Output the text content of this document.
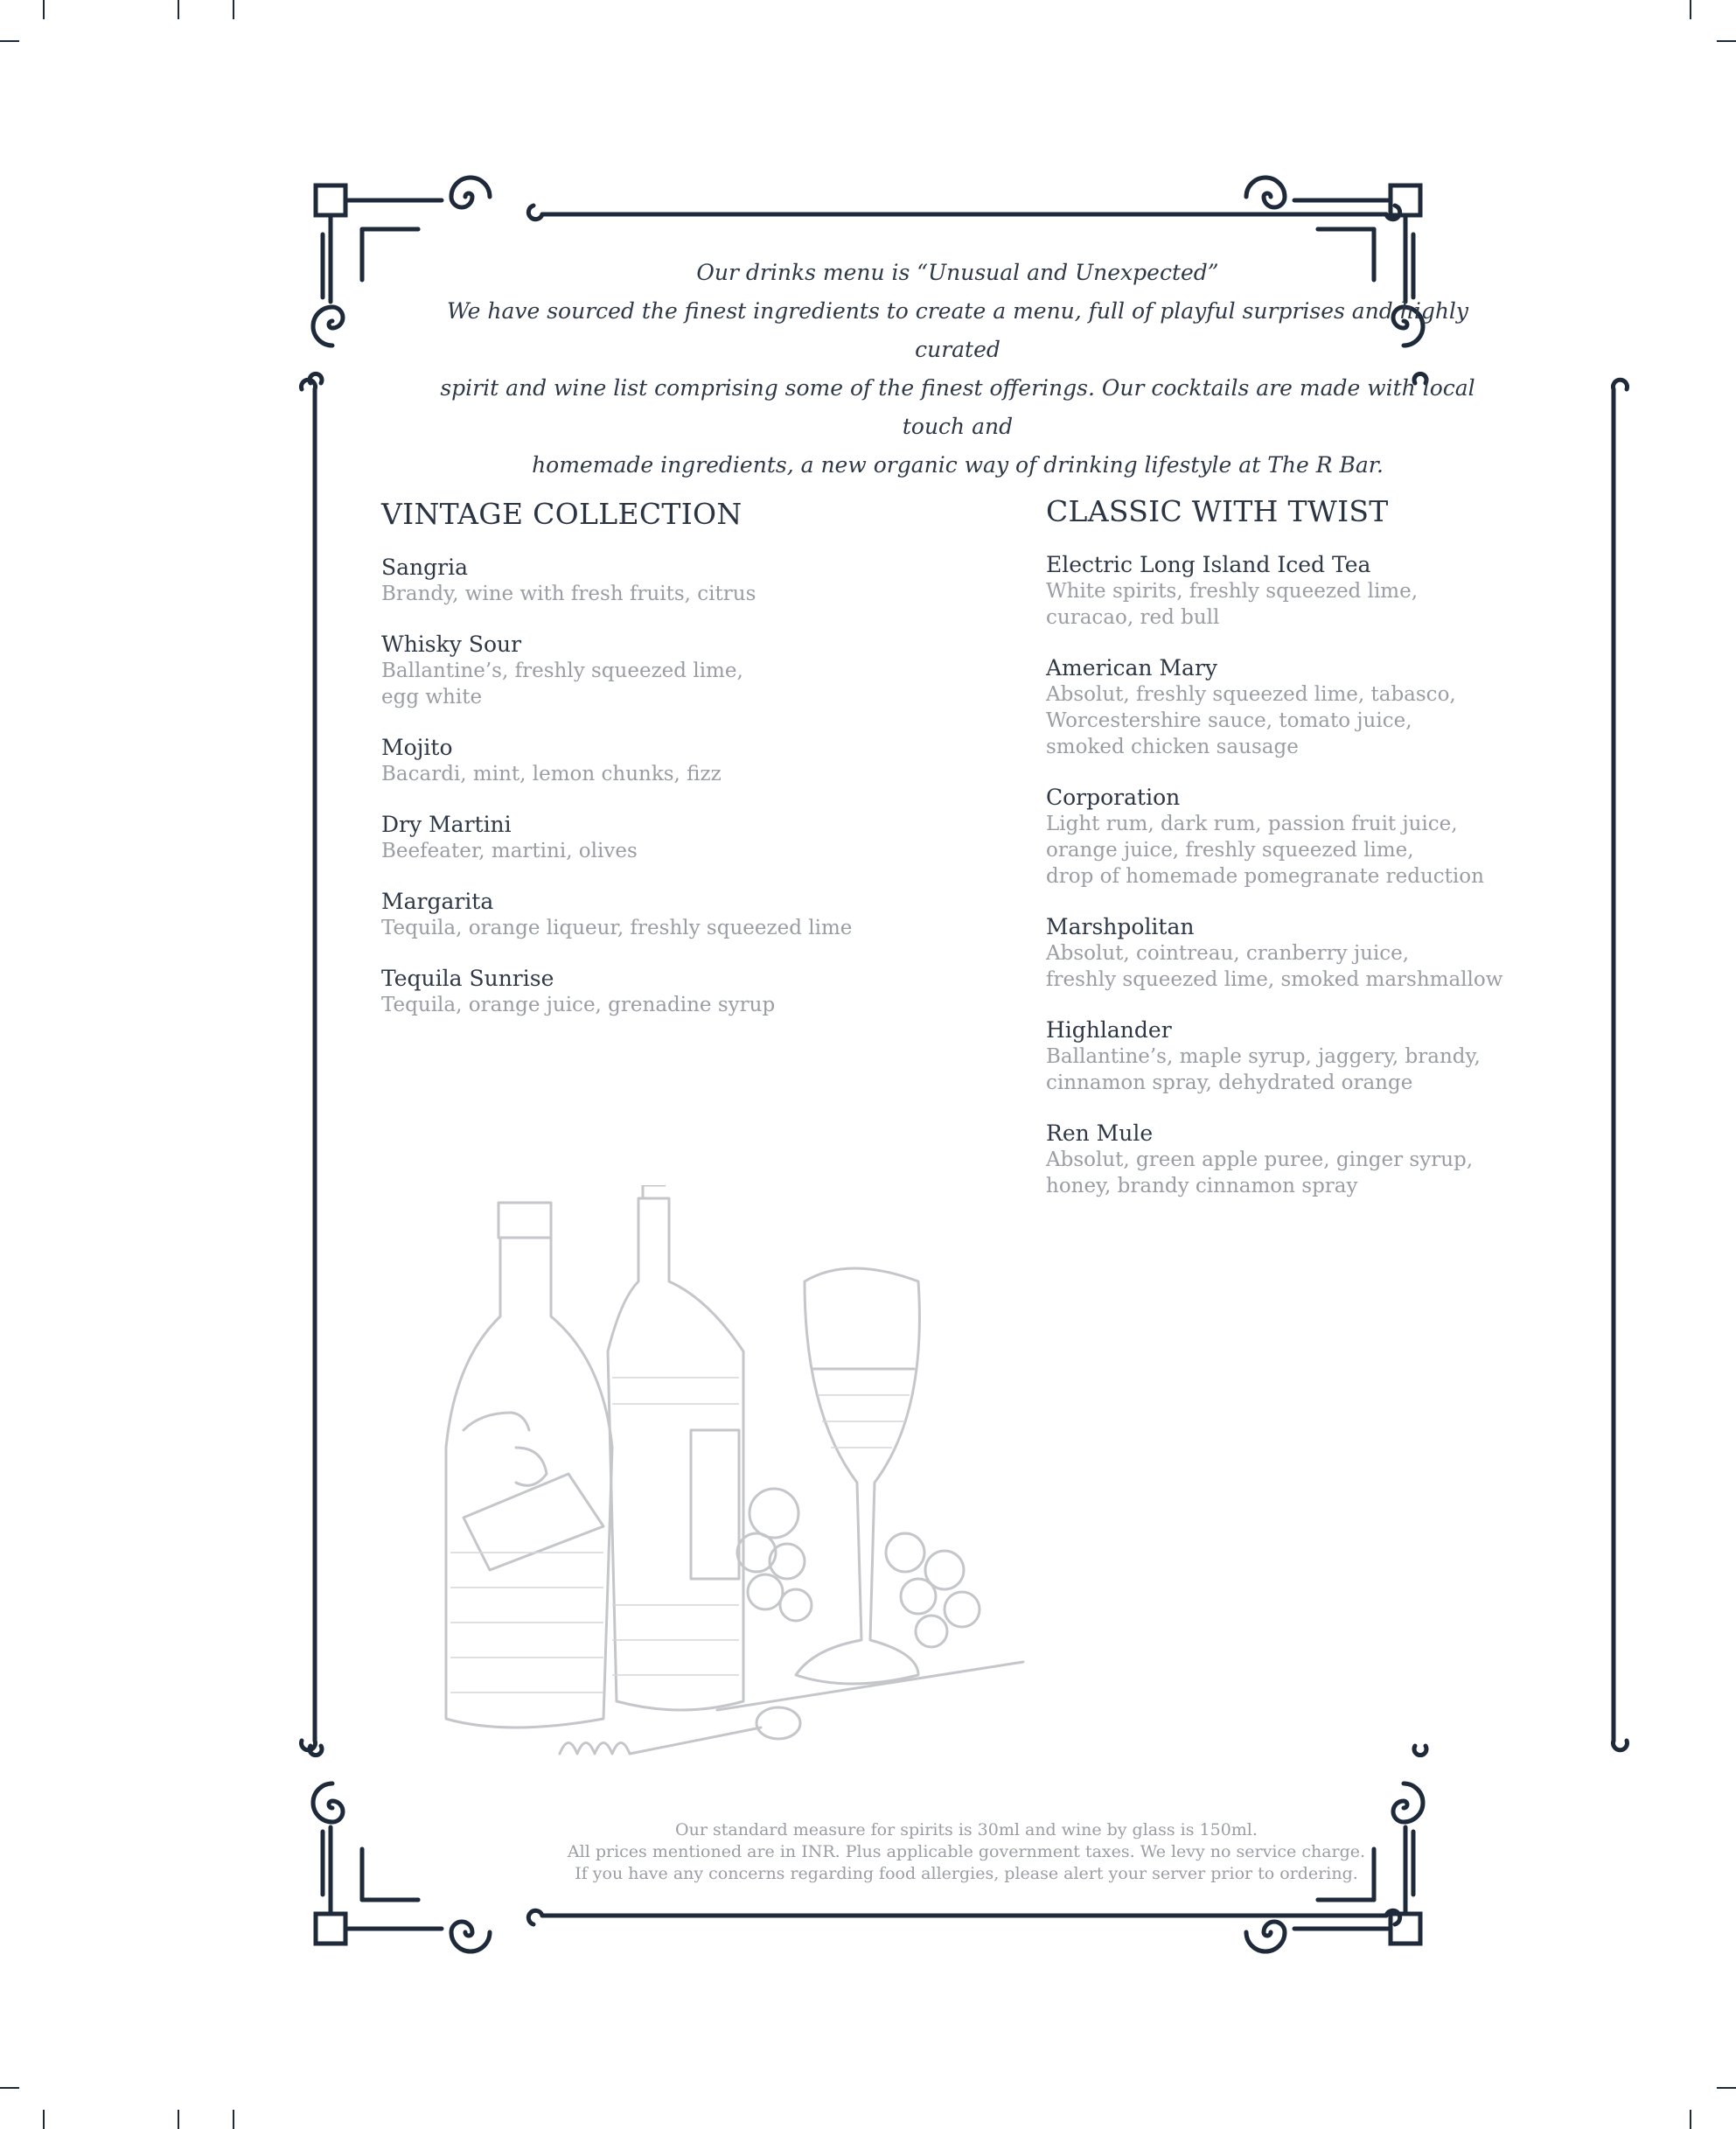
Our drinks menu is “Unusual and Unexpected”

We have sourced the finest ingredients to create a menu, full of playful surprises and highly curated

spirit and wine list comprising some of the finest offerings. Our cocktails are made with local touch and

homemade ingredients, a new organic way of drinking lifestyle at The R Bar.

VINTAGE COLLECTION
Sangria
Brandy, wine with fresh fruits, citrus
Whisky Sour
Ballantine’s, freshly squeezed lime,
egg white
Mojito
Bacardi, mint, lemon chunks, fizz
Dry Martini
Beefeater, martini, olives
Margarita
Tequila, orange liqueur, freshly squeezed lime
Tequila Sunrise
Tequila, orange juice, grenadine syrup
CLASSIC WITH TWIST
Electric Long Island Iced Tea
White spirits, freshly squeezed lime,
curacao, red bull
American Mary
Absolut, freshly squeezed lime, tabasco,
Worcestershire sauce, tomato juice,
smoked chicken sausage
Corporation
Light rum, dark rum, passion fruit juice,
orange juice, freshly squeezed lime,
drop of homemade pomegranate reduction
Marshpolitan
Absolut, cointreau, cranberry juice,
freshly squeezed lime, smoked marshmallow
Highlander
Ballantine’s, maple syrup, jaggery, brandy,
cinnamon spray, dehydrated orange
Ren Mule
Absolut, green apple puree, ginger syrup,
honey, brandy cinnamon spray

Our standard measure for spirits is 30ml and wine by glass is 150ml.

All prices mentioned are in INR. Plus applicable government taxes. We levy no service charge.

If you have any concerns regarding food allergies, please alert your server prior to ordering.
